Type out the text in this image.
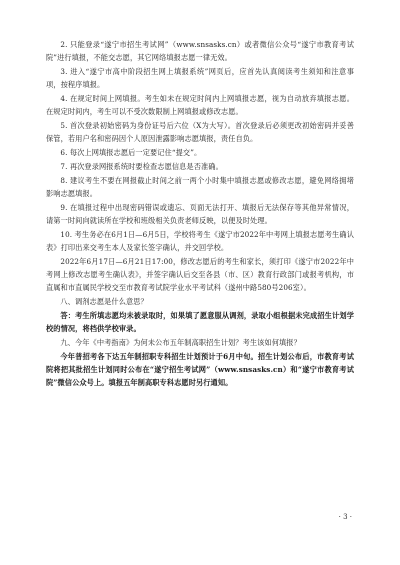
2. 只能登录“遂宁市招生考试网”（www.snsasks.cn）或者微信公众号“遂宁市教育考试院”进行填报，不能交志愿，其它网络填报志愿一律无效。

3. 进入“遂宁市高中阶段招生网上填报系统”网页后，应首先认真阅读考生须知和注意事项，按程序填报。

4. 在规定时间上网填报。考生如未在规定时间内上网填报志愿，视为自动放弃填报志愿。在规定时间内，考生可以不受次数限制上网填报或修改志愿。

5. 首次登录初始密码为身份证号后六位（X为大写）。首次登录后必须更改初始密码并妥善保管，若用户名和密码因个人原因泄露影响志愿填报，责任自负。

6. 每次上网填报志愿后一定要记住“提交”。

7. 再次登录网报系统时要检查志愿信息是否准确。

8. 建议考生不要在网报截止时间之前一两个小时集中填报志愿或修改志愿，避免网络拥堵影响志愿填报。

9. 在填报过程中出现密码错误或遗忘、页面无法打开、填报后无法保存等其他异常情况，请第一时间向就读所在学校和班级相关负责老师反映，以便及时处理。

10. 考生务必在6月1日—6月5日，学校将考生《遂宁市2022年中考网上填报志愿考生确认表》打印出来交考生本人及家长签字确认，并交回学校。

2022年6月17日—6月21日17:00，修改志愿后的考生和家长，须打印《遂宁市2022年中考网上修改志愿考生确认表》，并签字确认后交至各县（市、区）教育行政部门或报考机构，市直属和市直属民学校交至市教育考试院学业水平考试科（遂州中路580号206室）。

八、调剂志愿是什么意思？

答：考生所填志愿均未被录取时，如果填了愿意服从调剂，录取小组根据未完成招生计划学校的情况，将档供学校审录。

九、今年《中考指南》为何未公布五年制高职招生计划？考生该如何填报？

今年普招考各下达五年制招职专科招生计划预计于6月中旬。招生计划公布后，市教育考试院将把其批招生计划同时公布在“遂宁招生考试网”（www.snsasks.cn）和“遂宁市教育考试院”微信公众号上。填报五年制高职专科志愿时另行通知。

· 3 ·
